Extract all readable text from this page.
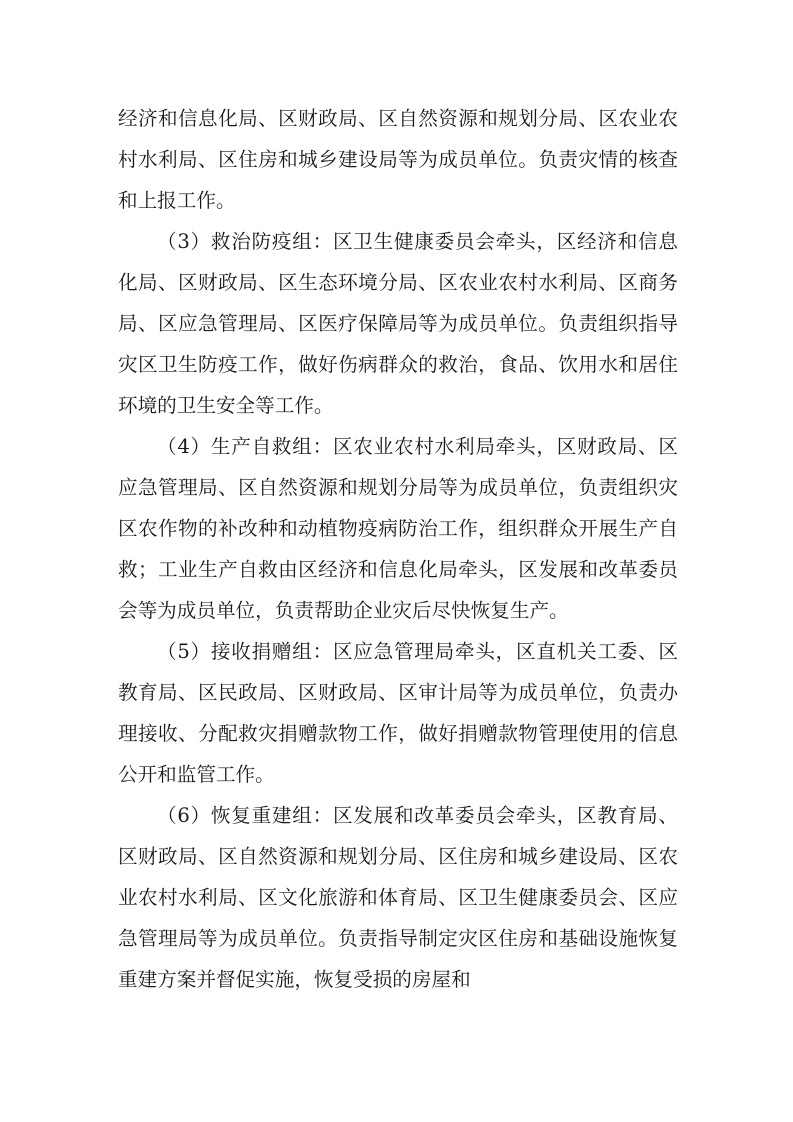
经济和信息化局、区财政局、区自然资源和规划分局、区农业农村水利局、区住房和城乡建设局等为成员单位。负责灾情的核查和上报工作。

（3）救治防疫组：区卫生健康委员会牵头，区经济和信息化局、区财政局、区生态环境分局、区农业农村水利局、区商务局、区应急管理局、区医疗保障局等为成员单位。负责组织指导灾区卫生防疫工作，做好伤病群众的救治，食品、饮用水和居住环境的卫生安全等工作。

（4）生产自救组：区农业农村水利局牵头，区财政局、区应急管理局、区自然资源和规划分局等为成员单位，负责组织灾区农作物的补改种和动植物疫病防治工作，组织群众开展生产自救；工业生产自救由区经济和信息化局牵头，区发展和改革委员会等为成员单位，负责帮助企业灾后尽快恢复生产。

（5）接收捐赠组：区应急管理局牵头，区直机关工委、区教育局、区民政局、区财政局、区审计局等为成员单位，负责办理接收、分配救灾捐赠款物工作，做好捐赠款物管理使用的信息公开和监管工作。

（6）恢复重建组：区发展和改革委员会牵头，区教育局、区财政局、区自然资源和规划分局、区住房和城乡建设局、区农业农村水利局、区文化旅游和体育局、区卫生健康委员会、区应急管理局等为成员单位。负责指导制定灾区住房和基础设施恢复重建方案并督促实施，恢复受损的房屋和
